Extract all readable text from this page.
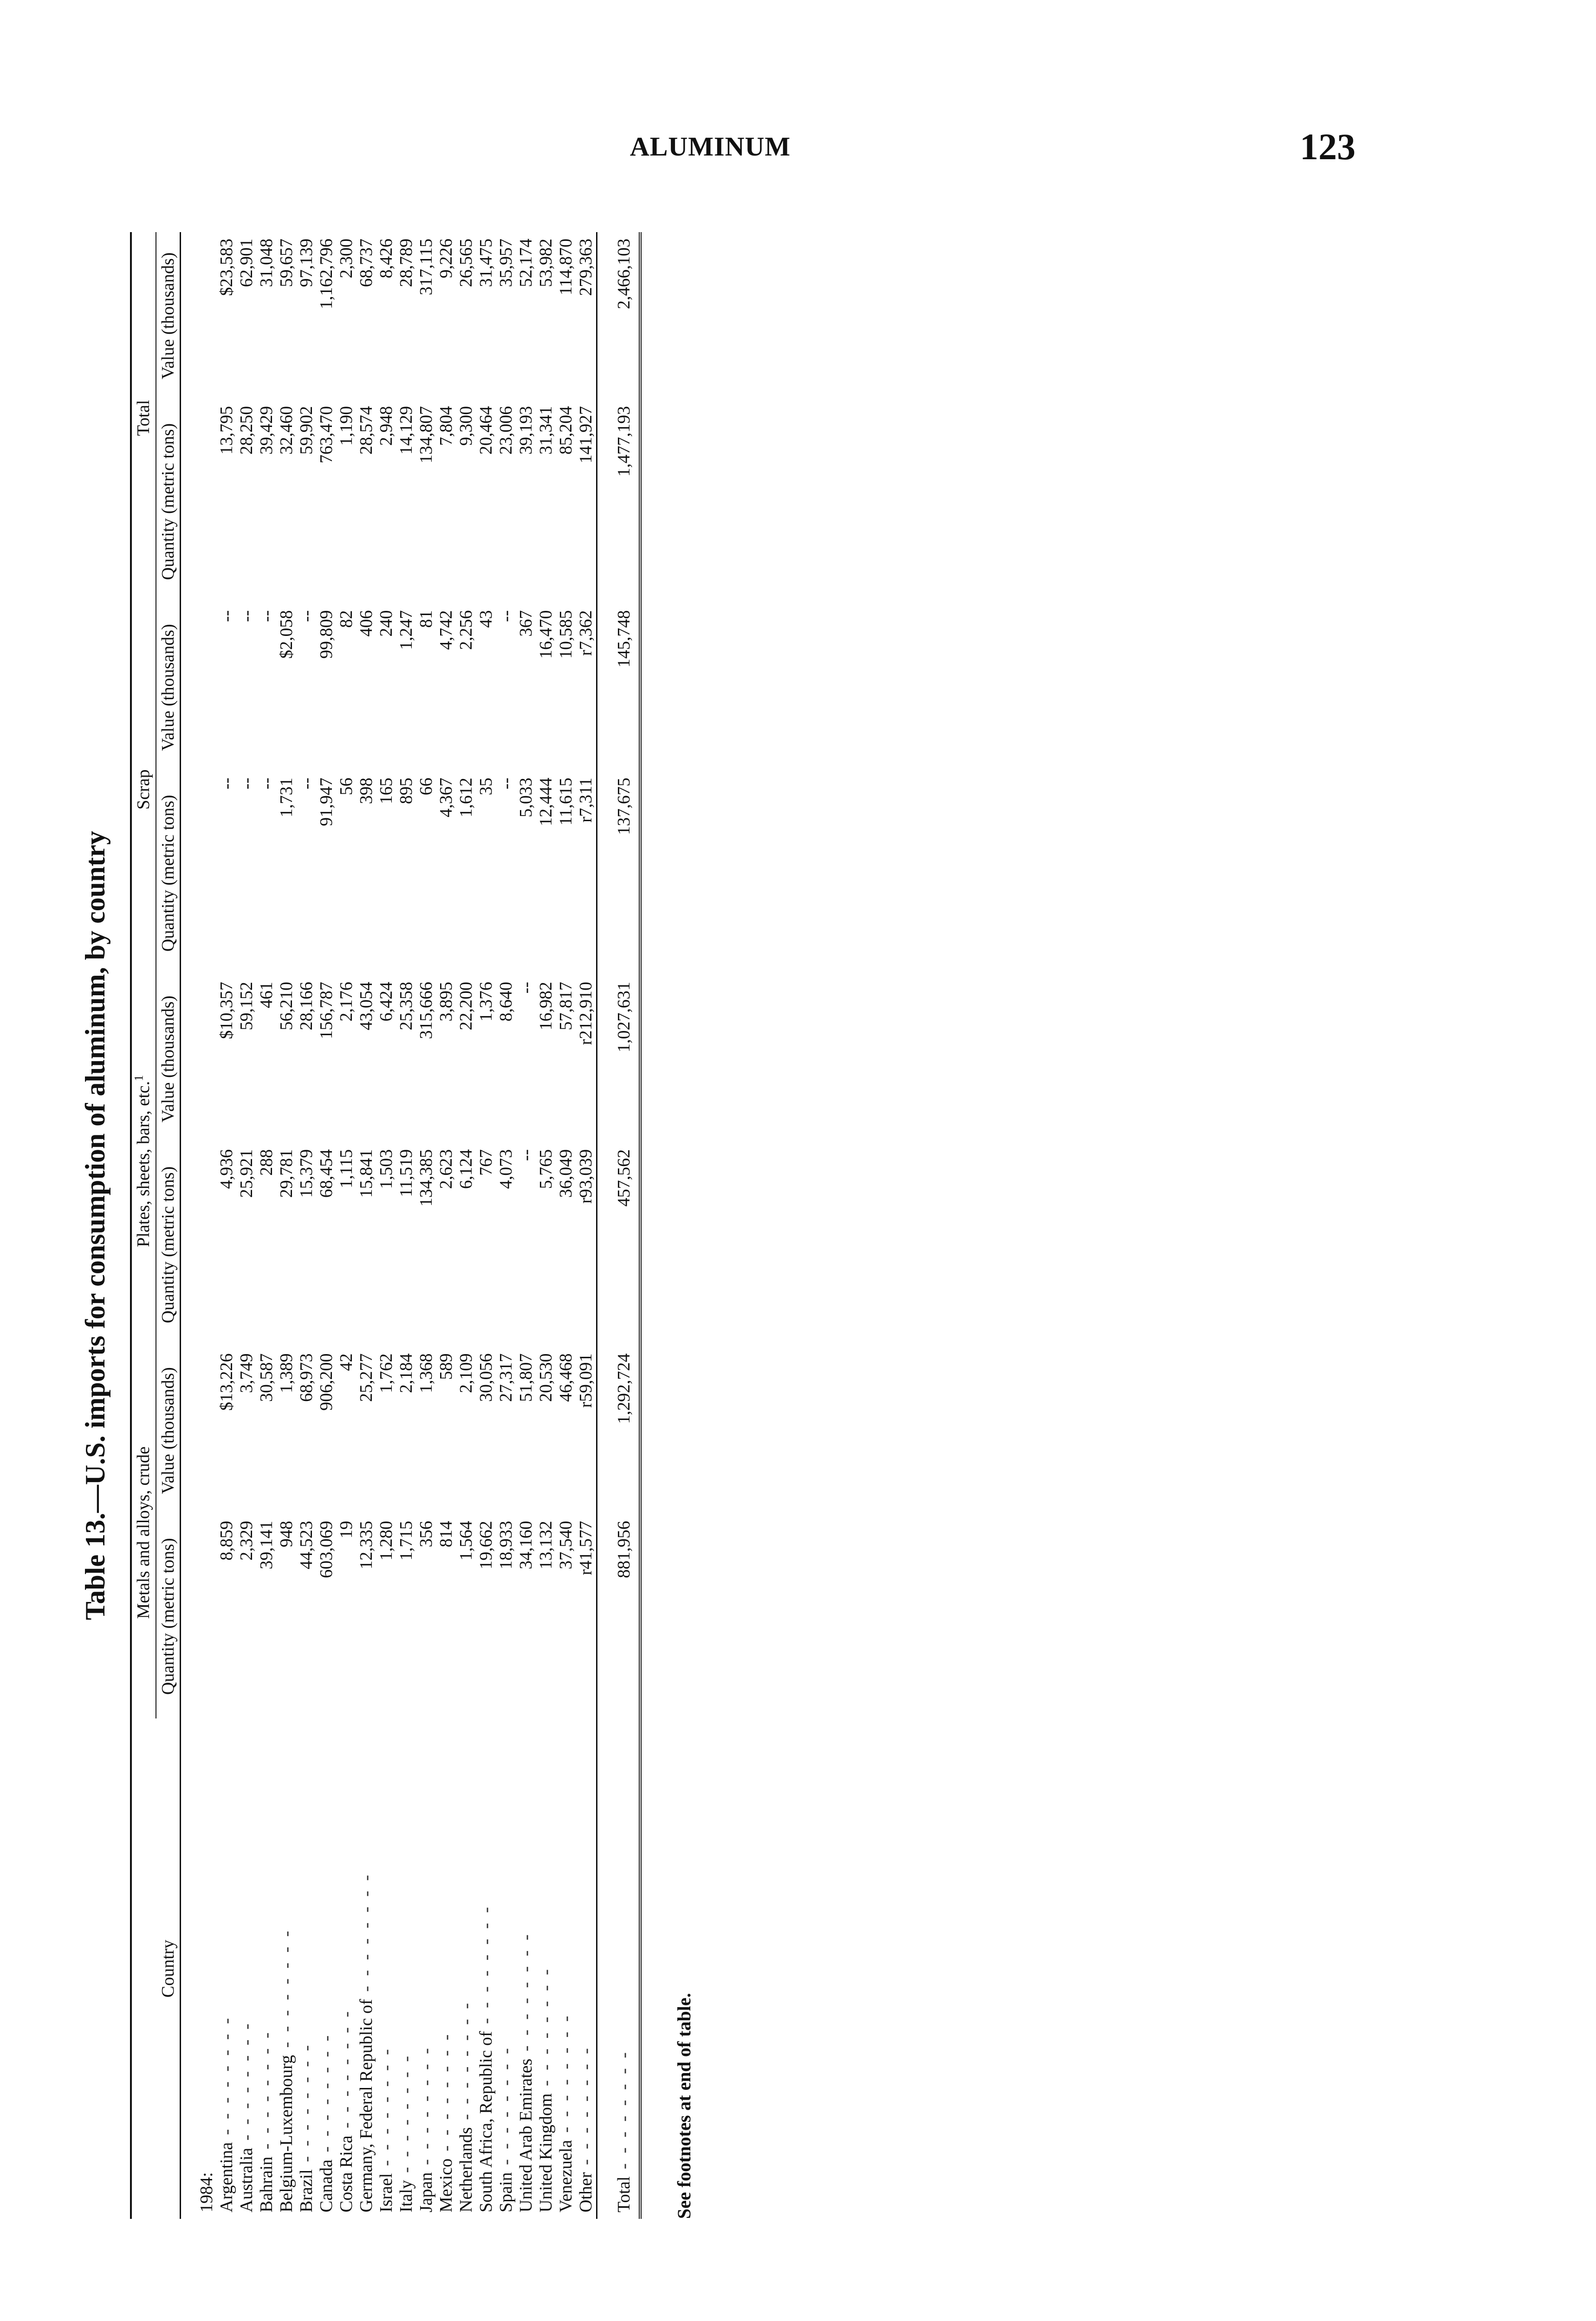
ALUMINUM	123
Table 13.—U.S. imports for consumption of aluminum, by country
Country	Metals and alloys, crude		Plates, sheets, bars, etc.$^1$		Scrap		Total	
	Quantity (metric tons)	Value (thousands)	Quantity (metric tons)	Value (thousands)	Quantity (metric tons)	Value (thousands)	Quantity (metric tons)	Value (thousands)

1984:								
Argentina - - - - - - - -	8,859	$13,226	4,936	$10,357	--	--	13,795	$23,583
Australia - - - - - - - -	2,329	3,749	25,921	59,152	--	--	28,250	62,901
Bahrain - - - - - - - -	39,141	30,587	288	461	--	--	39,429	31,048
Belgium-Luxembourg - - - - - - - -	948	1,389	29,781	56,210	1,731	$2,058	32,460	59,657
Brazil - - - - - - - -	44,523	68,973	15,379	28,166	--	--	59,902	97,139
Canada - - - - - - - -	603,069	906,200	68,454	156,787	91,947	99,809	763,470	1,162,796
Costa Rica - - - - - - - -	19	42	1,115	2,176	56	82	1,190	2,300
Germany, Federal Republic of - - - - - - - -	12,335	25,277	15,841	43,054	398	406	28,574	68,737
Israel - - - - - - - -	1,280	1,762	1,503	6,424	165	240	2,948	8,426
Italy - - - - - - - -	1,715	2,184	11,519	25,358	895	1,247	14,129	28,789
Japan - - - - - - - -	356	1,368	134,385	315,666	66	81	134,807	317,115
Mexico - - - - - - - -	814	589	2,623	3,895	4,367	4,742	7,804	9,226
Netherlands - - - - - - - -	1,564	2,109	6,124	22,200	1,612	2,256	9,300	26,565
South Africa, Republic of - - - - - - - -	19,662	30,056	767	1,376	35	43	20,464	31,475
Spain - - - - - - - -	18,933	27,317	4,073	8,640	--	--	23,006	35,957
United Arab Emirates - - - - - - - -	34,160	51,807	--	--	5,033	367	39,193	52,174
United Kingdom - - - - - - - -	13,132	20,530	5,765	16,982	12,444	16,470	31,341	53,982
Venezuela - - - - - - - -	37,540	46,468	36,049	57,817	11,615	10,585	85,204	114,870
Other - - - - - - - -	r41,577	r59,091	r93,039	r212,910	r7,311	r7,362	141,927	279,363
Total - - - - - - - -	881,956	1,292,724	457,562	1,027,631	137,675	145,748	1,477,193	2,466,103

See footnotes at end of table.
